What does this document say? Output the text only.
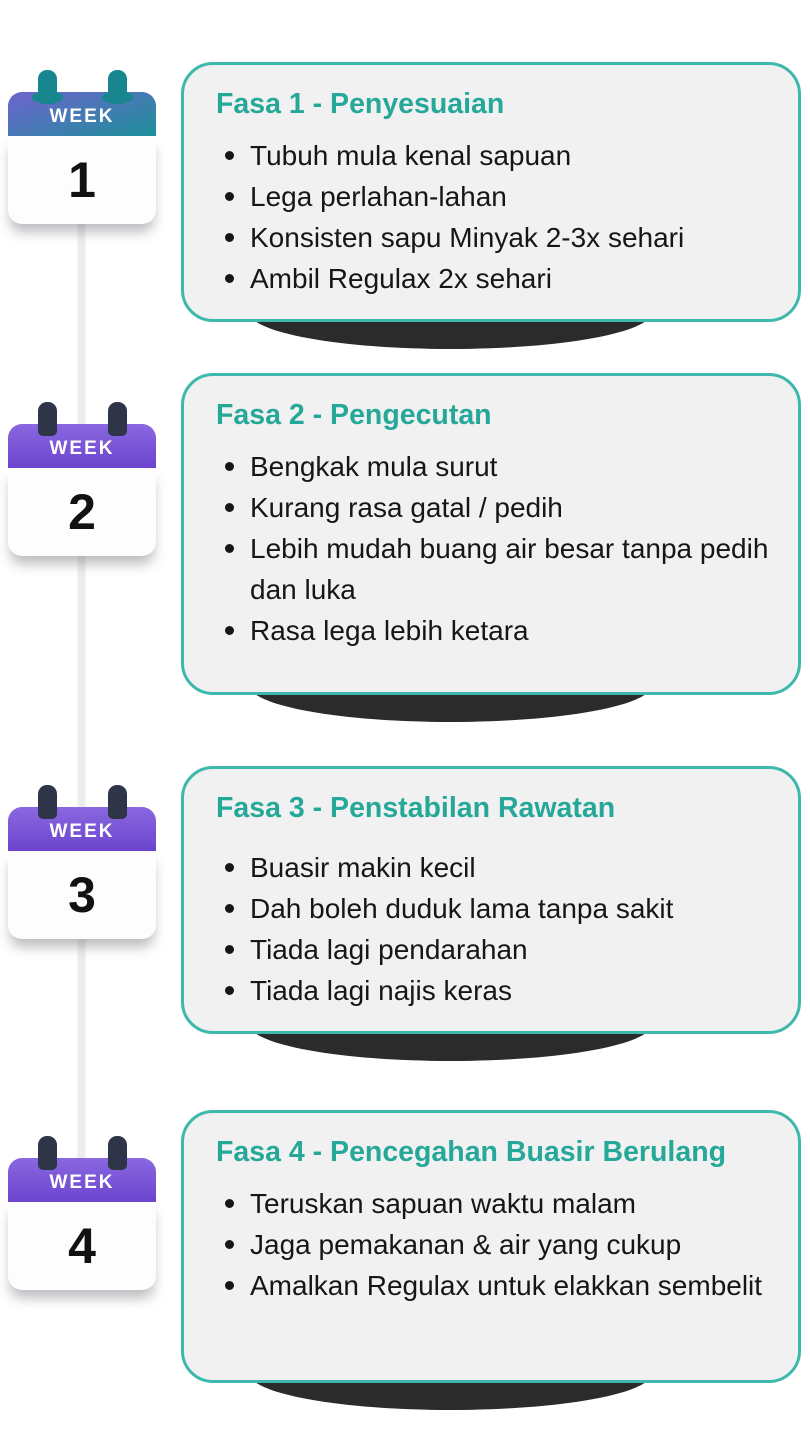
WEEK
1
WEEK
2
WEEK
3
WEEK
4
Fasa 1 - Penyesuaian
Tubuh mula kenal sapuan
Lega perlahan-lahan
Konsisten sapu Minyak 2-3x sehari
Ambil Regulax 2x sehari
Fasa 2 - Pengecutan
Bengkak mula surut
Kurang rasa gatal / pedih
Lebih mudah buang air besar tanpa pedih dan luka
Rasa lega lebih ketara
Fasa 3 - Penstabilan Rawatan
Buasir makin kecil
Dah boleh duduk lama tanpa sakit
Tiada lagi pendarahan
Tiada lagi najis keras
Fasa 4 - Pencegahan Buasir Berulang
Teruskan sapuan waktu malam
Jaga pemakanan & air yang cukup
Amalkan Regulax untuk elakkan sembelit
